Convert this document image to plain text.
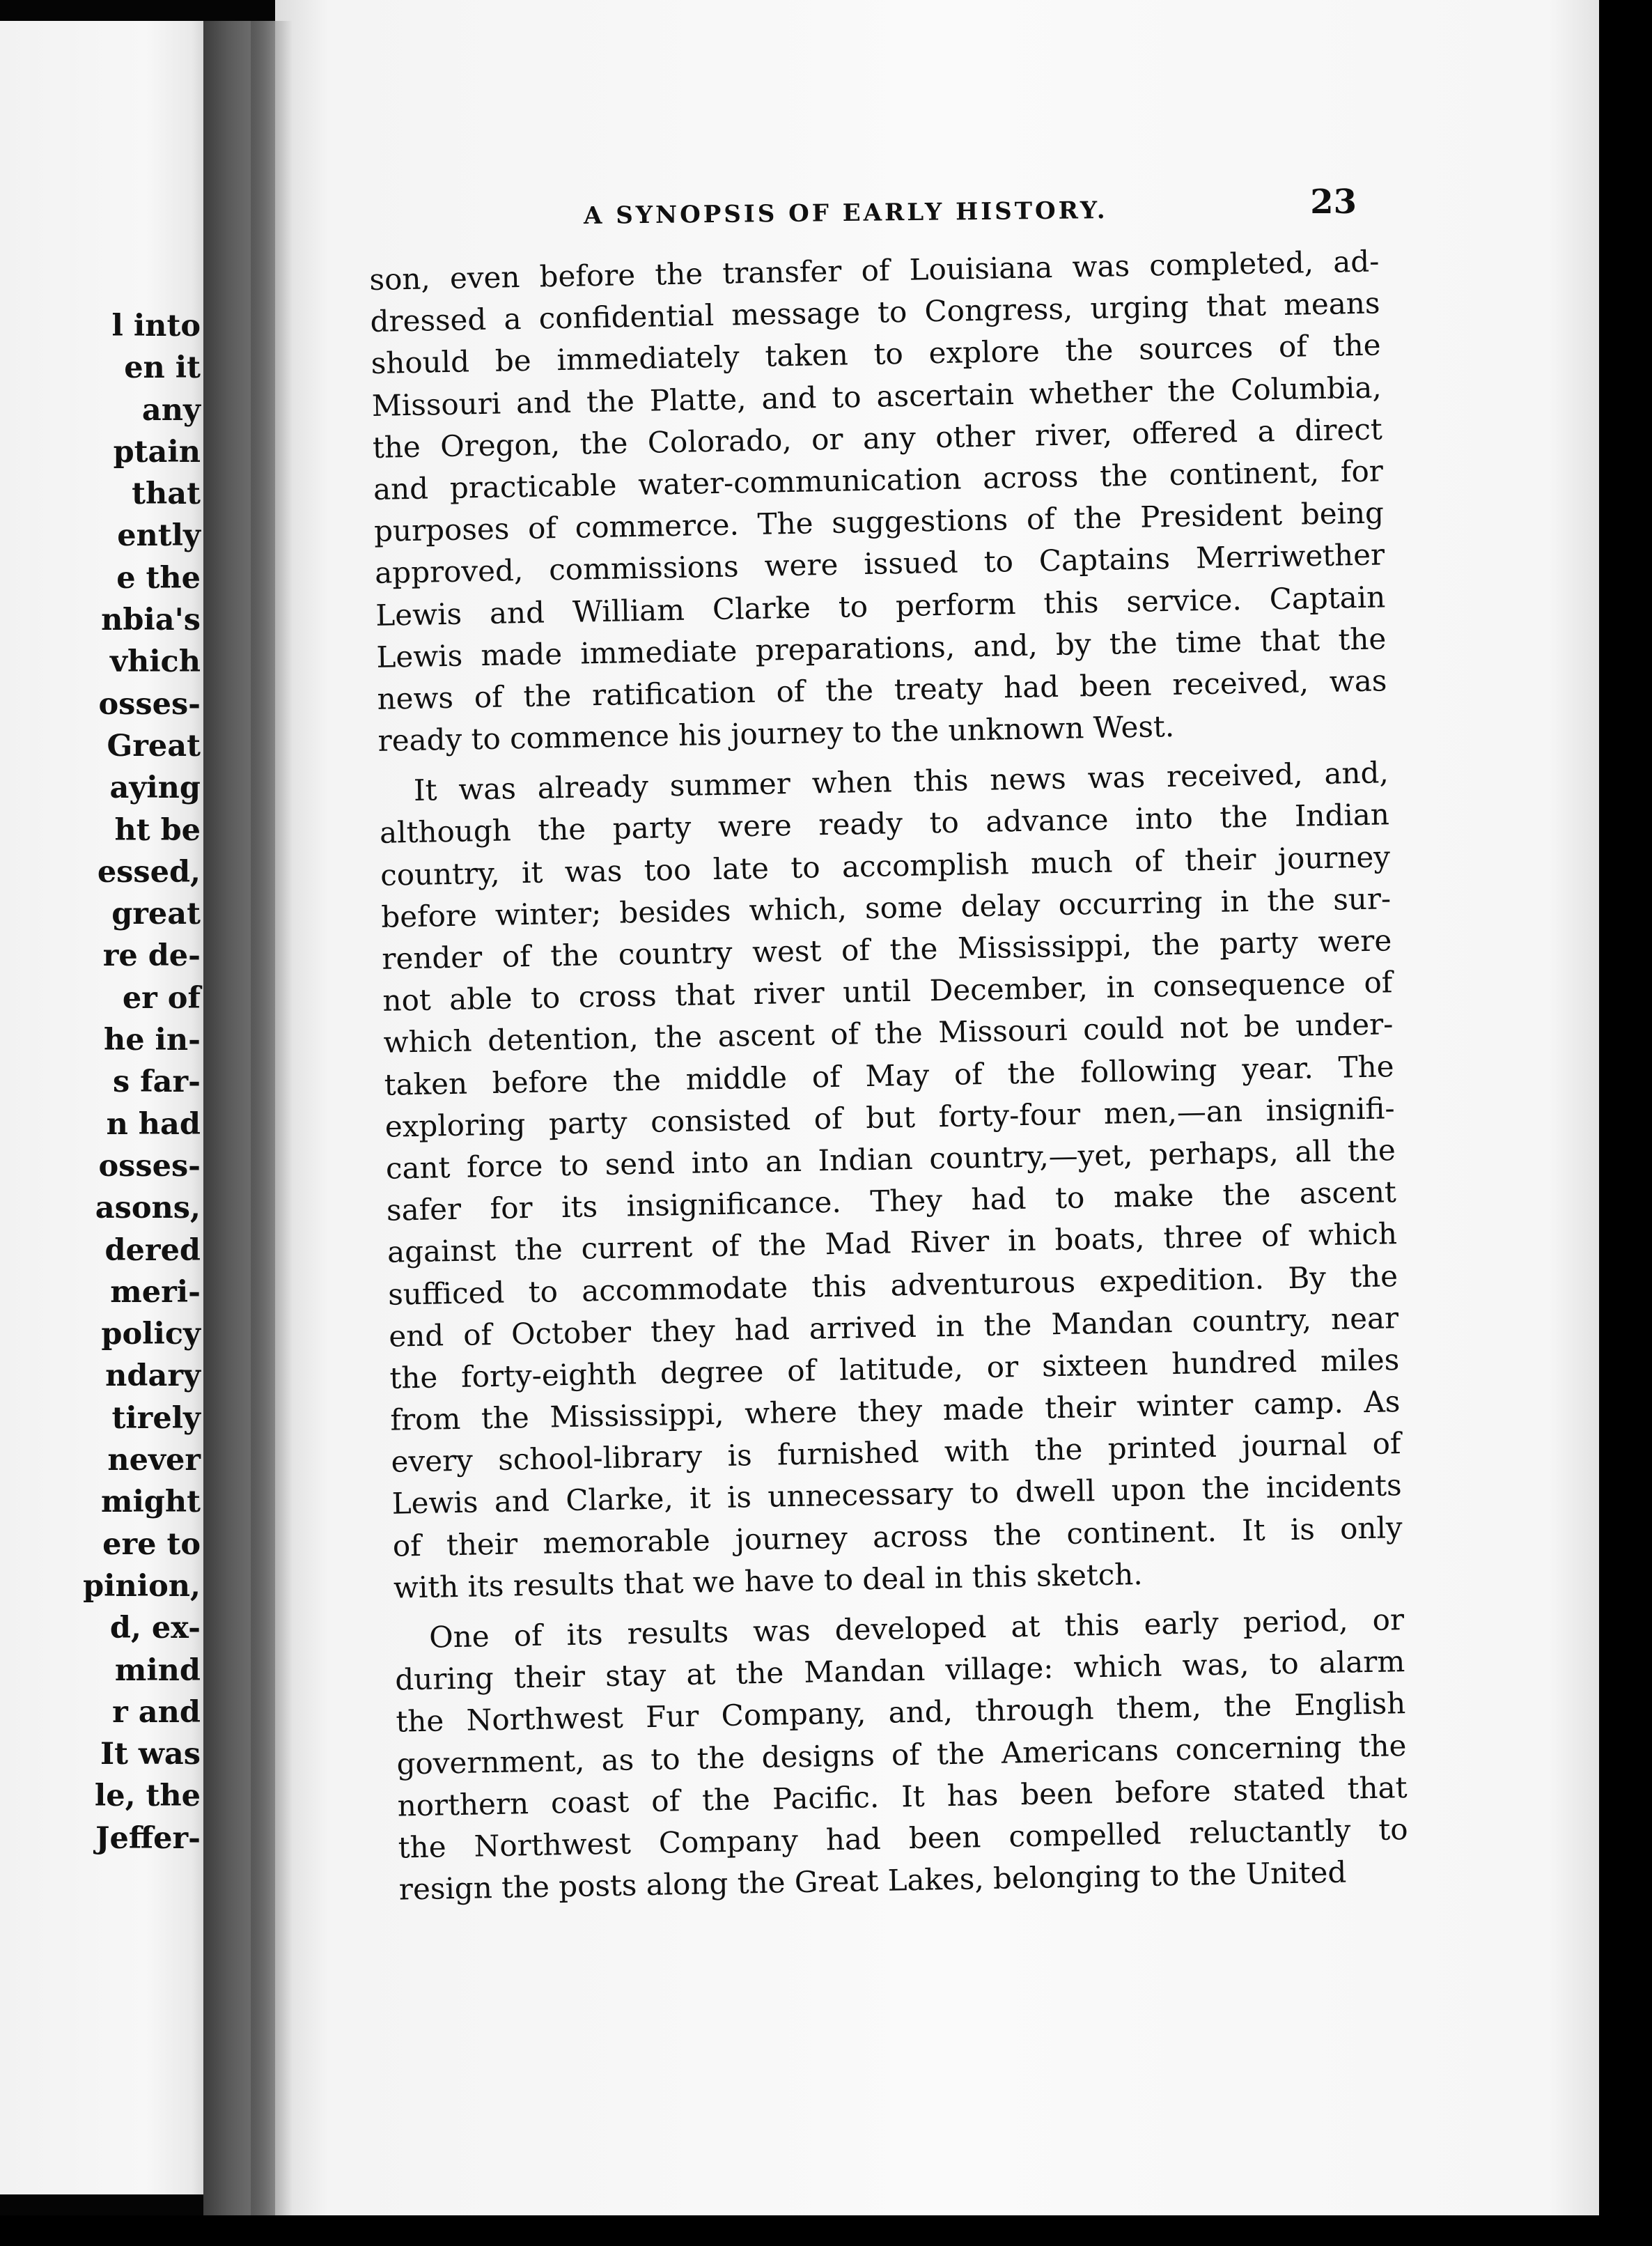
l into
en it
any
ptain
that
ently
e the
nbia's
vhich
osses-
Great
aying
ht be
essed,
great
re de-
er of
he in-
s far-
n had
osses-
asons,
dered
meri-
policy
ndary
tirely
never
might
ere to
pinion,
d, ex-
mind
r and
It was
le, the
Jeffer-
A SYNOPSIS OF EARLY HISTORY.	23
son, even before the transfer of Louisiana was completed, ad-
dressed a confidential message to Congress, urging that means
should be immediately taken to explore the sources of the
Missouri and the Platte, and to ascertain whether the Columbia,
the Oregon, the Colorado, or any other river, offered a direct
and practicable water-communication across the continent, for
purposes of commerce. The suggestions of the President being
approved, commissions were issued to Captains Merriwether
Lewis and William Clarke to perform this service. Captain
Lewis made immediate preparations, and, by the time that the
news of the ratification of the treaty had been received, was
ready to commence his journey to the unknown West.
It was already summer when this news was received, and,
although the party were ready to advance into the Indian
country, it was too late to accomplish much of their journey
before winter; besides which, some delay occurring in the sur-
render of the country west of the Mississippi, the party were
not able to cross that river until December, in consequence of
which detention, the ascent of the Missouri could not be under-
taken before the middle of May of the following year. The
exploring party consisted of but forty-four men,—an insignifi-
cant force to send into an Indian country,—yet, perhaps, all the
safer for its insignificance. They had to make the ascent
against the current of the Mad River in boats, three of which
sufficed to accommodate this adventurous expedition. By the
end of October they had arrived in the Mandan country, near
the forty-eighth degree of latitude, or sixteen hundred miles
from the Mississippi, where they made their winter camp. As
every school-library is furnished with the printed journal of
Lewis and Clarke, it is unnecessary to dwell upon the incidents
of their memorable journey across the continent. It is only
with its results that we have to deal in this sketch.
One of its results was developed at this early period, or
during their stay at the Mandan village: which was, to alarm
the Northwest Fur Company, and, through them, the English
government, as to the designs of the Americans concerning the
northern coast of the Pacific. It has been before stated that
the Northwest Company had been compelled reluctantly to
resign the posts along the Great Lakes, belonging to the United
